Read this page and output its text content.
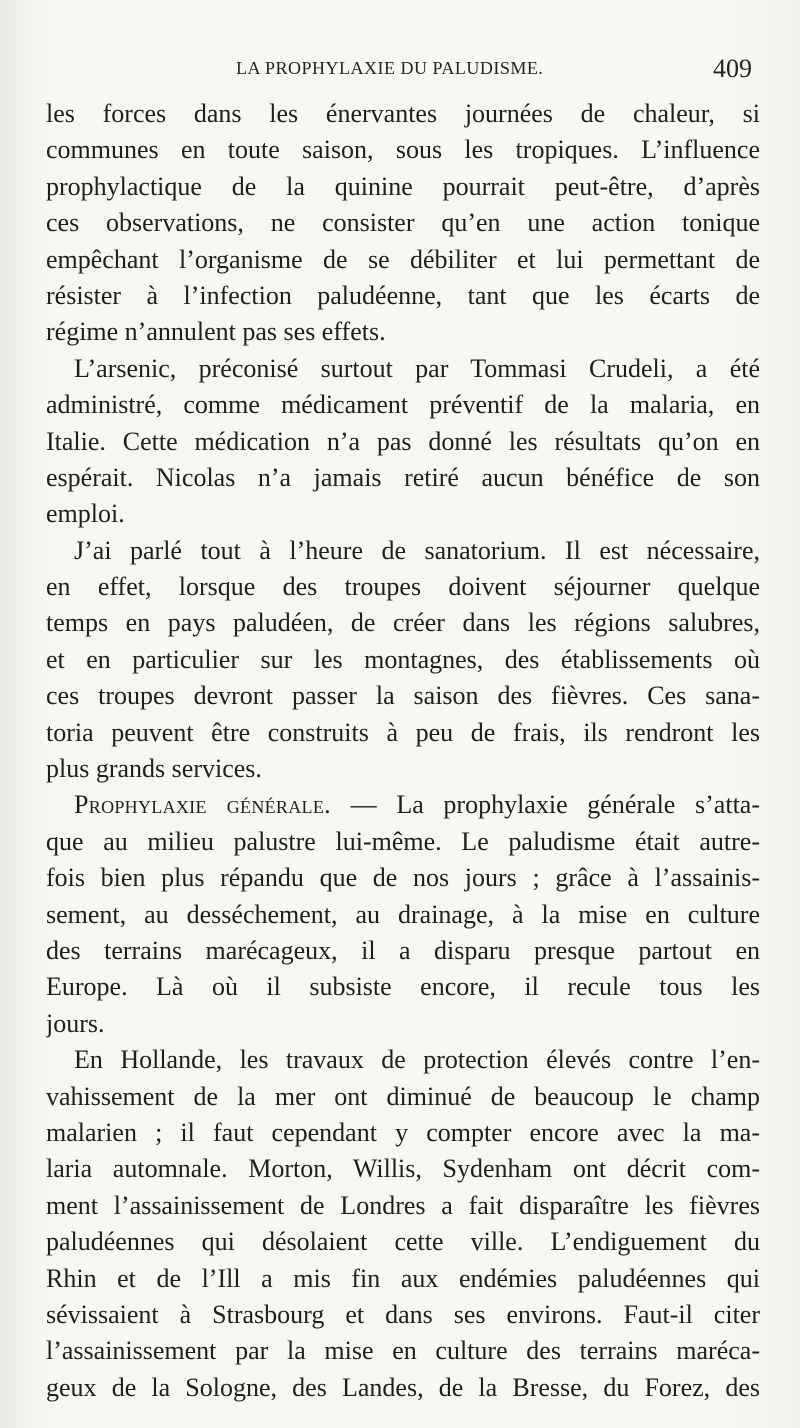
LA PROPHYLAXIE DU PALUDISME.	409
les forces dans les énervantes journées de chaleur, si
communes en toute saison, sous les tropiques. L’influence
prophylactique de la quinine pourrait peut-être, d’après
ces observations, ne consister qu’en une action tonique
empêchant l’organisme de se débiliter et lui permettant de
résister à l’infection paludéenne, tant que les écarts de
régime n’annulent pas ses effets.
L’arsenic, préconisé surtout par Tommasi Crudeli, a été
administré, comme médicament préventif de la malaria, en
Italie. Cette médication n’a pas donné les résultats qu’on en
espérait. Nicolas n’a jamais retiré aucun bénéfice de son
emploi.
J’ai parlé tout à l’heure de sanatorium. Il est nécessaire,
en effet, lorsque des troupes doivent séjourner quelque
temps en pays paludéen, de créer dans les régions salubres,
et en particulier sur les montagnes, des établissements où
ces troupes devront passer la saison des fièvres. Ces sana-
toria peuvent être construits à peu de frais, ils rendront les
plus grands services.
Prophylaxie générale. — La prophylaxie générale s’atta-
que au milieu palustre lui-même. Le paludisme était autre-
fois bien plus répandu que de nos jours ; grâce à l’assainis-
sement, au desséchement, au drainage, à la mise en culture
des terrains marécageux, il a disparu presque partout en
Europe. Là où il subsiste encore, il recule tous les
jours.
En Hollande, les travaux de protection élevés contre l’en-
vahissement de la mer ont diminué de beaucoup le champ
malarien ; il faut cependant y compter encore avec la ma-
laria automnale. Morton, Willis, Sydenham ont décrit com-
ment l’assainissement de Londres a fait disparaître les fièvres
paludéennes qui désolaient cette ville. L’endiguement du
Rhin et de l’Ill a mis fin aux endémies paludéennes qui
sévissaient à Strasbourg et dans ses environs. Faut-il citer
l’assainissement par la mise en culture des terrains maréca-
geux de la Sologne, des Landes, de la Bresse, du Forez, des
